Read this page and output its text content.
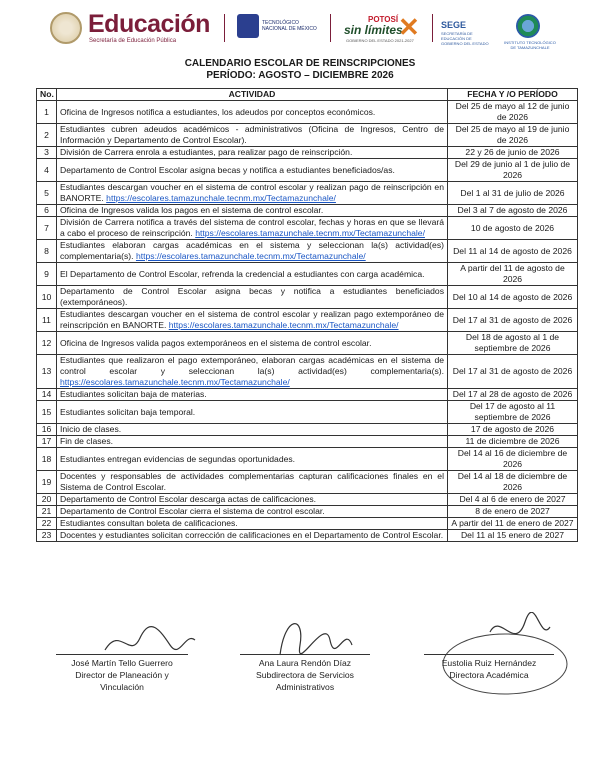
Educación
Secretaría de Educación Pública
TECNOLÓGICO NACIONAL DE MÉXICO
POTOSÍ
sin límites
GOBIERNO DEL ESTADO 2021-2027
✕ SEGE
SECRETARÍA DE EDUCACIÓN DE GOBIERNO DEL ESTADO	INSTITUTO TECNOLÓGICO DE TAMAZUNCHALE
CALENDARIO ESCOLAR DE REINSCRIPCIONES
PERÍODO: AGOSTO – DICIEMBRE 2026
No.	ACTIVIDAD	FECHA Y /O PERÍODO
1	Oficina de Ingresos notifica a estudiantes, los adeudos por conceptos económicos.	Del 25 de mayo al 12 de junio de 2026
2	Estudiantes cubren adeudos académicos - administrativos (Oficina de Ingresos, Centro de Información y Departamento de Control Escolar).	Del 25 de mayo al 19 de junio de 2026
3	División de Carrera enrola a estudiantes, para realizar pago de reinscripción.	22 y 26 de junio de 2026
4	Departamento de Control Escolar asigna becas y notifica a estudiantes beneficiados/as.	Del 29 de junio al 1 de julio de 2026
5	Estudiantes descargan voucher en el sistema de control escolar y realizan pago de reinscripción en BANORTE. https://escolares.tamazunchale.tecnm.mx/Tectamazunchale/	Del 1 al 31 de julio de 2026
6	Oficina de Ingresos valida los pagos en el sistema de control escolar.	Del 3 al 7 de agosto de 2026
7	División de Carrera notifica a través del sistema de control escolar, fechas y horas en que se llevará a cabo el proceso de reinscripción. https://escolares.tamazunchale.tecnm.mx/Tectamazunchale/	10 de agosto de 2026
8	Estudiantes elaboran cargas académicas en el sistema y seleccionan la(s) actividad(es) complementaria(s). https://escolares.tamazunchale.tecnm.mx/Tectamazunchale/	Del 11 al 14 de agosto de 2026
9	El Departamento de Control Escolar, refrenda la credencial a estudiantes con carga académica.	A partir del 11 de agosto de 2026
10	Departamento de Control Escolar asigna becas y notifica a estudiantes beneficiados (extemporáneos).	Del 10 al 14 de agosto de 2026
11	Estudiantes descargan voucher en el sistema de control escolar y realizan pago extemporáneo de reinscripción en BANORTE. https://escolares.tamazunchale.tecnm.mx/Tectamazunchale/	Del 17 al 31 de agosto de 2026
12	Oficina de Ingresos valida pagos extemporáneos en el sistema de control escolar.	Del 18 de agosto al 1 de septiembre de 2026
13	Estudiantes que realizaron el pago extemporáneo, elaboran cargas académicas en el sistema de control escolar y seleccionan la(s) actividad(es) complementaria(s). https://escolares.tamazunchale.tecnm.mx/Tectamazunchale/	Del 17 al 31 de agosto de 2026
14	Estudiantes solicitan baja de materias.	Del 17 al 28 de agosto de 2026
15	Estudiantes solicitan baja temporal.	Del 17 de agosto al 11 septiembre de 2026
16	Inicio de clases.	17 de agosto de 2026
17	Fin de clases.	11 de diciembre de 2026
18	Estudiantes entregan evidencias de segundas oportunidades.	Del 14 al 16 de diciembre de 2026
19	Docentes y responsables de actividades complementarias capturan calificaciones finales en el Sistema de Control Escolar.	Del 14 al 18 de diciembre de 2026
20	Departamento de Control Escolar descarga actas de calificaciones.	Del 4 al 6 de enero de 2027
21	Departamento de Control Escolar cierra el sistema de control escolar.	8 de enero de 2027
22	Estudiantes consultan boleta de calificaciones.	A partir del 11 de enero de 2027
23	Docentes y estudiantes solicitan corrección de calificaciones en el Departamento de Control Escolar.	Del 11 al 15 enero de 2027
José Martín Tello Guerrero
Director de Planeación y
Vinculación
Ana Laura Rendón Díaz
Subdirectora de Servicios
Administrativos
Eustolia Ruiz Hernández
Directora Académica
